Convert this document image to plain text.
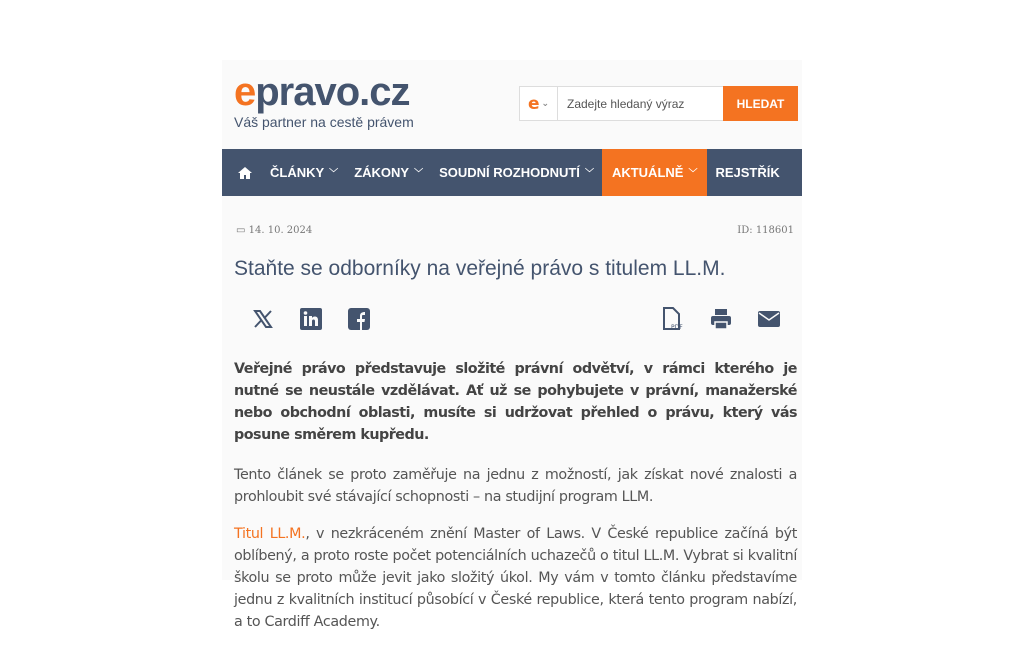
epravo.cz
Váš partner na cestě právem
e ⌄
Zadejte hledaný výraz	HLEDAT
ČLÁNKY ﹀ ZÁKONY ﹀ SOUDNÍ ROZHODNUTÍ ﹀ AKTUÁLNĚ ﹀ REJSTŘÍK
▭ 14. 10. 2024	ID: 118601
Staňte se odborníky na veřejné právo s titulem LL.M.
PDF

Veřejné právo představuje složité právní odvětví, v rámci kterého je nutné se neustále vzdělávat. Ať už se pohybujete v právní, manažerské nebo obchodní oblasti, musíte si udržovat přehled o právu, který vás posune směrem kupředu.

Tento článek se proto zaměřuje na jednu z možností, jak získat nové znalosti a prohloubit své stávající schopnosti – na studijní program LLM.

Titul LL.M., v nezkráceném znění Master of Laws. V České republice začíná být oblíbený, a proto roste počet potenciálních uchazečů o titul LL.M. Vybrat si kvalitní školu se proto může jevit jako složitý úkol. My vám v tomto článku představíme jednu z kvalitních institucí působící v České republice, která tento program nabízí, a to Cardiff Academy.
